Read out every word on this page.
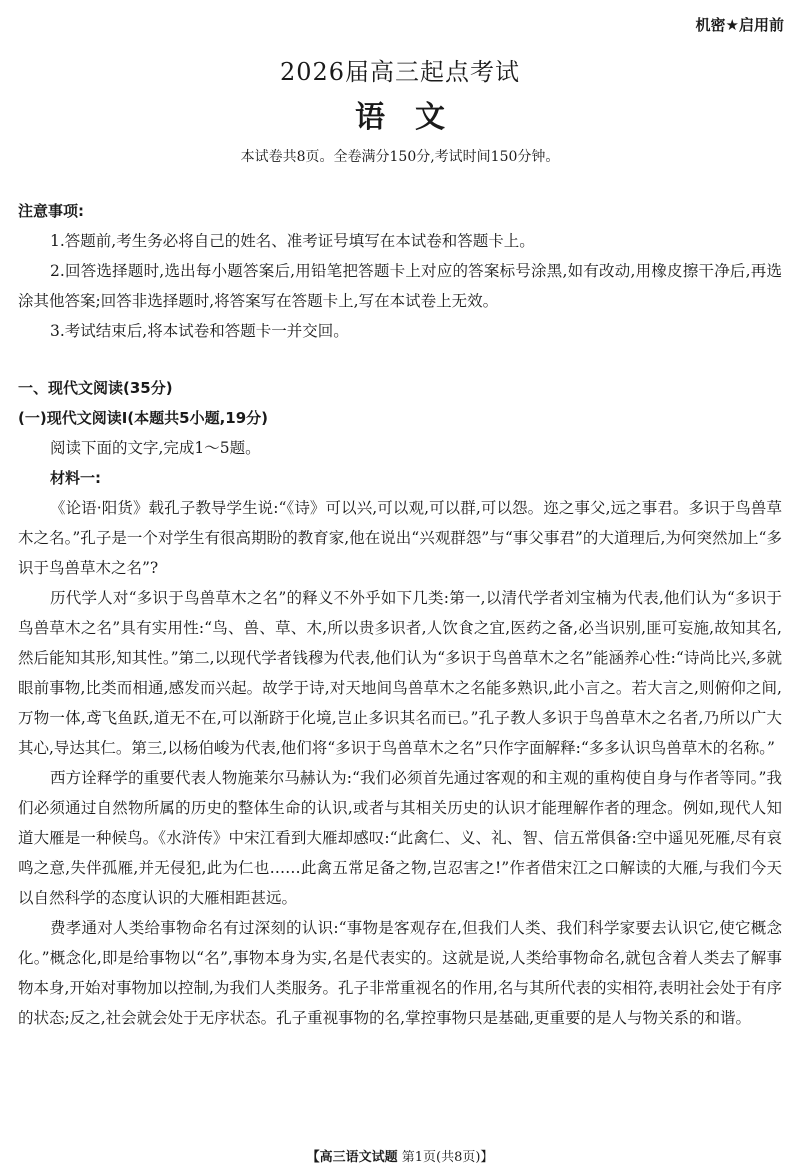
机密★启用前
2026届高三起点考试
语文
本试卷共8页。全卷满分150分,考试时间150分钟。

注意事项:

1.答题前,考生务必将自己的姓名、准考证号填写在本试卷和答题卡上。

2.回答选择题时,选出每小题答案后,用铅笔把答题卡上对应的答案标号涂黑,如有改动,用橡皮擦干净后,再选涂其他答案;回答非选择题时,将答案写在答题卡上,写在本试卷上无效。

3.考试结束后,将本试卷和答题卡一并交回。

一、现代文阅读(35分)

(一)现代文阅读Ⅰ(本题共5小题,19分)

阅读下面的文字,完成1～5题。

材料一:

《论语·阳货》载孔子教导学生说:“《诗》可以兴,可以观,可以群,可以怨。迩之事父,远之事君。多识于鸟兽草木之名。”孔子是一个对学生有很高期盼的教育家,他在说出“兴观群怨”与“事父事君”的大道理后,为何突然加上“多识于鸟兽草木之名”?

历代学人对“多识于鸟兽草木之名”的释义不外乎如下几类:第一,以清代学者刘宝楠为代表,他们认为“多识于鸟兽草木之名”具有实用性:“鸟、兽、草、木,所以贵多识者,人饮食之宜,医药之备,必当识别,匪可妄施,故知其名,然后能知其形,知其性。”第二,以现代学者钱穆为代表,他们认为“多识于鸟兽草木之名”能涵养心性:“诗尚比兴,多就眼前事物,比类而相通,感发而兴起。故学于诗,对天地间鸟兽草木之名能多熟识,此小言之。若大言之,则俯仰之间,万物一体,鸢飞鱼跃,道无不在,可以渐跻于化境,岂止多识其名而已。”孔子教人多识于鸟兽草木之名者,乃所以广大其心,导达其仁。第三,以杨伯峻为代表,他们将“多识于鸟兽草木之名”只作字面解释:“多多认识鸟兽草木的名称。”

西方诠释学的重要代表人物施莱尔马赫认为:“我们必须首先通过客观的和主观的重构使自身与作者等同。”我们必须通过自然物所属的历史的整体生命的认识,或者与其相关历史的认识才能理解作者的理念。例如,现代人知道大雁是一种候鸟。《水浒传》中宋江看到大雁却感叹:“此禽仁、义、礼、智、信五常俱备:空中遥见死雁,尽有哀鸣之意,失伴孤雁,并无侵犯,此为仁也……此禽五常足备之物,岂忍害之!”作者借宋江之口解读的大雁,与我们今天以自然科学的态度认识的大雁相距甚远。

费孝通对人类给事物命名有过深刻的认识:“事物是客观存在,但我们人类、我们科学家要去认识它,使它概念化。”概念化,即是给事物以“名”,事物本身为实,名是代表实的。这就是说,人类给事物命名,就包含着人类去了解事物本身,开始对事物加以控制,为我们人类服务。孔子非常重视名的作用,名与其所代表的实相符,表明社会处于有序的状态;反之,社会就会处于无序状态。孔子重视事物的名,掌控事物只是基础,更重要的是人与物关系的和谐。

【高三语文试题 第1页(共8页)】
